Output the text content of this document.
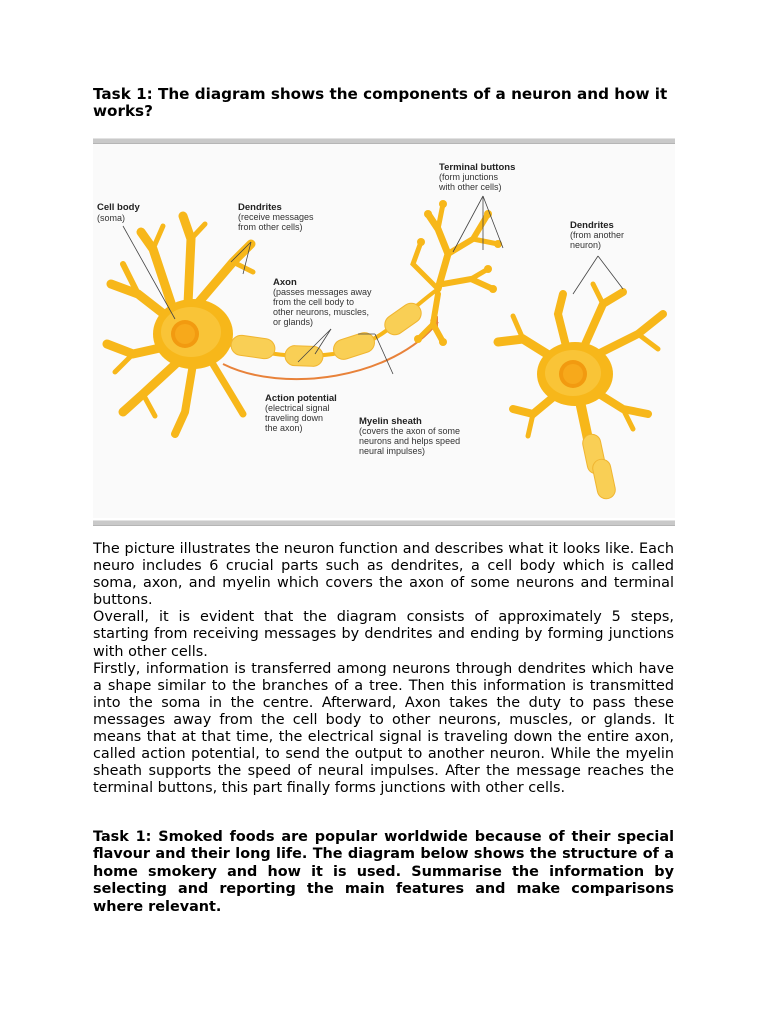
Task 1: The diagram shows the components of a neuron and how it works?
Cell body
(soma)
Dendrites
(receive messages
from other cells)
Axon
(passes messages away
from the cell body to
other neurons, muscles,
or glands)
Terminal buttons
(form junctions
with other cells)
Dendrites
(from another
neuron)
Action potential
(electrical signal
traveling down
the axon)
Myelin sheath
(covers the axon of some
neurons and helps speed
neural impulses)

The picture illustrates the neuron function and describes what it looks like. Each neuro includes 6 crucial parts such as dendrites, a cell body which is called soma, axon, and myelin which covers the axon of some neurons and terminal buttons.

Overall, it is evident that the diagram consists of approximately 5 steps, starting from receiving messages by dendrites and ending by forming junctions with other cells.

Firstly, information is transferred among neurons through dendrites which have a shape similar to the branches of a tree. Then this information is transmitted into the soma in the centre. Afterward, Axon takes the duty to pass these messages away from the cell body to other neurons, muscles, or glands. It means that at that time, the electrical signal is traveling down the entire axon, called action potential, to send the output to another neuron. While the myelin sheath supports the speed of neural impulses. After the message reaches the terminal buttons, this part finally forms junctions with other cells.

Task 1: Smoked foods are popular worldwide because of their special flavour and their long life. The diagram below shows the structure of a home smokery and how it is used. Summarise the information by selecting and reporting the main features and make comparisons where relevant.
